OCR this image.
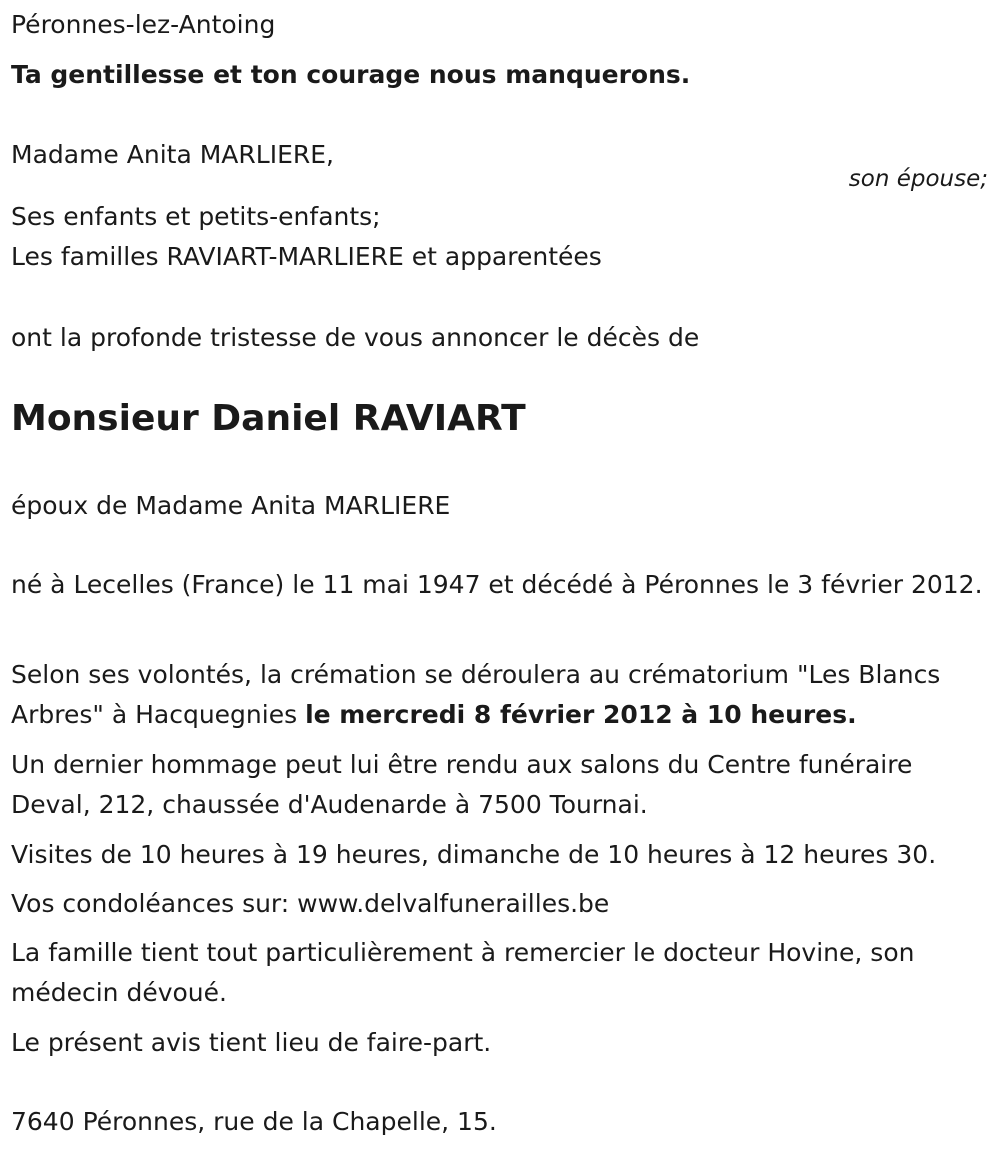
Péronnes-lez-Antoing
Ta gentillesse et ton courage nous manquerons.
Madame Anita MARLIERE,
son épouse;
Ses enfants et petits-enfants;
Les familles RAVIART-MARLIERE et apparentées
ont la profonde tristesse de vous annoncer le décès de
Monsieur Daniel RAVIART
époux de Madame Anita MARLIERE
né à Lecelles (France) le 11 mai 1947 et décédé à Péronnes le 3 février 2012.
Selon ses volontés, la crémation se déroulera au crématorium "Les Blancs Arbres" à Hacquegnies le mercredi 8 février 2012 à 10 heures.
Un dernier hommage peut lui être rendu aux salons du Centre funéraire Deval, 212, chaussée d'Audenarde à 7500 Tournai.
Visites de 10 heures à 19 heures, dimanche de 10 heures à 12 heures 30.
Vos condoléances sur: www.delvalfunerailles.be
La famille tient tout particulièrement à remercier le docteur Hovine, son médecin dévoué.
Le présent avis tient lieu de faire-part.
7640 Péronnes, rue de la Chapelle, 15.
